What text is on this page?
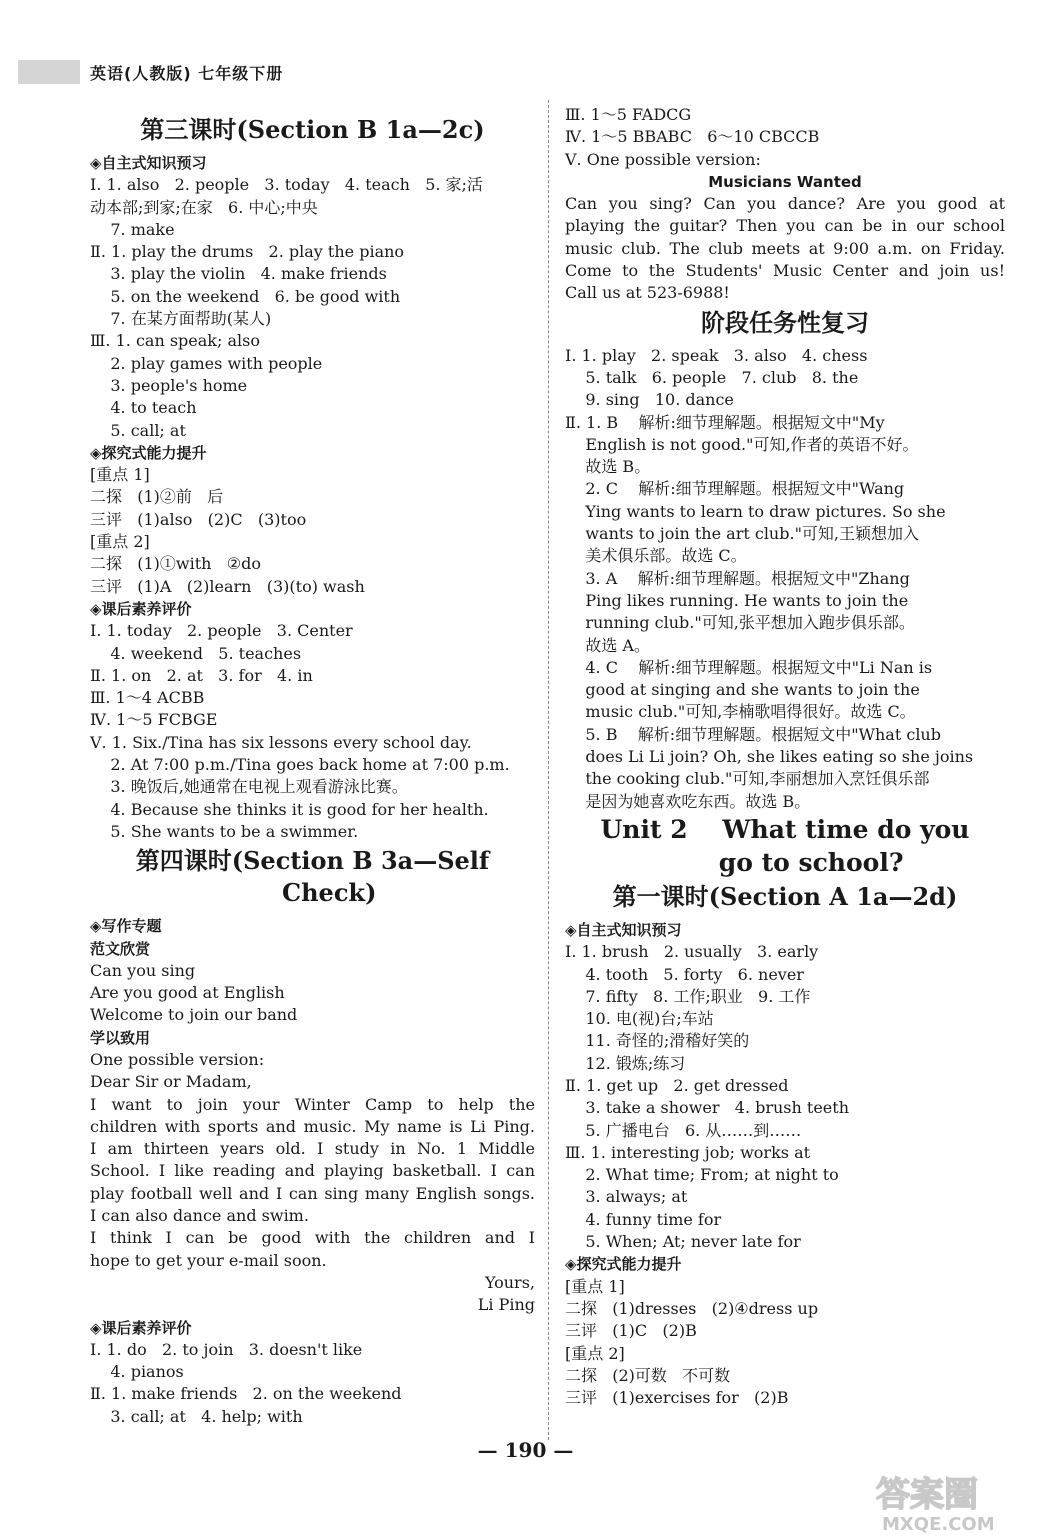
英语(人教版) 七年级下册
第三课时(Section B 1a—2c)
◈自主式知识预习
Ⅰ. 1. also   2. people   3. today   4. teach   5. 家;活
动本部;到家;在家   6. 中心;中央
7. make
Ⅱ. 1. play the drums   2. play the piano
3. play the violin   4. make friends
5. on the weekend   6. be good with
7. 在某方面帮助(某人)
Ⅲ. 1. can speak; also
2. play games with people
3. people's home
4. to teach
5. call; at
◈探究式能力提升
[重点 1]
二探   (1)②前   后
三评   (1)also   (2)C   (3)too
[重点 2]
二探   (1)①with   ②do
三评   (1)A   (2)learn   (3)(to) wash
◈课后素养评价
Ⅰ. 1. today   2. people   3. Center
4. weekend   5. teaches
Ⅱ. 1. on   2. at   3. for   4. in
Ⅲ. 1～4 ACBB
Ⅳ. 1～5 FCBGE
Ⅴ. 1. Six./Tina has six lessons every school day.
2. At 7:00 p.m./Tina goes back home at 7:00 p.m.
3. 晚饭后,她通常在电视上观看游泳比赛。
4. Because she thinks it is good for her health.
5. She wants to be a swimmer.
第四课时(Section B 3a—Self
Check)
◈写作专题
范文欣赏
Can you sing
Are you good at English
Welcome to join our band
学以致用
One possible version:
Dear Sir or Madam,
I want to join your Winter Camp to help the
children with sports and music. My name is Li Ping.
I am thirteen years old. I study in No. 1 Middle
School. I like reading and playing basketball. I can
play football well and I can sing many English songs.
I can also dance and swim.
I think I can be good with the children and I
hope to get your e-mail soon.
Yours,
Li Ping
◈课后素养评价
Ⅰ. 1. do   2. to join   3. doesn't like
4. pianos
Ⅱ. 1. make friends   2. on the weekend
3. call; at   4. help; with
Ⅲ. 1～5 FADCG
Ⅳ. 1～5 BBABC   6～10 CBCCB
Ⅴ. One possible version:
Musicians Wanted
Can you sing? Can you dance? Are you good at
playing the guitar? Then you can be in our school
music club. The club meets at 9:00 a.m. on Friday.
Come to the Students' Music Center and join us!
Call us at 523-6988!
阶段任务性复习
Ⅰ. 1. play   2. speak   3. also   4. chess
5. talk   6. people   7. club   8. the
9. sing   10. dance
Ⅱ. 1. B    解析:细节理解题。根据短文中"My
English is not good."可知,作者的英语不好。
故选 B。
2. C    解析:细节理解题。根据短文中"Wang
Ying wants to learn to draw pictures. So she
wants to join the art club."可知,王颖想加入
美术俱乐部。故选 C。
3. A    解析:细节理解题。根据短文中"Zhang
Ping likes running. He wants to join the
running club."可知,张平想加入跑步俱乐部。
故选 A。
4. C    解析:细节理解题。根据短文中"Li Nan is
good at singing and she wants to join the
music club."可知,李楠歌唱得很好。故选 C。
5. B    解析:细节理解题。根据短文中"What club
does Li Li join? Oh, she likes eating so she joins
the cooking club."可知,李丽想加入烹饪俱乐部
是因为她喜欢吃东西。故选 B。
Unit 2    What time do you
go to school?
第一课时(Section A 1a—2d)
◈自主式知识预习
Ⅰ. 1. brush   2. usually   3. early
4. tooth   5. forty   6. never
7. fifty   8. 工作;职业   9. 工作
10. 电(视)台;车站
11. 奇怪的;滑稽好笑的
12. 锻炼;练习
Ⅱ. 1. get up   2. get dressed
3. take a shower   4. brush teeth
5. 广播电台   6. 从……到……
Ⅲ. 1. interesting job; works at
2. What time; From; at night to
3. always; at
4. funny time for
5. When; At; never late for
◈探究式能力提升
[重点 1]
二探   (1)dresses   (2)④dress up
三评   (1)C   (2)B
[重点 2]
二探   (2)可数   不可数
三评   (1)exercises for   (2)B
— 190 —
答案圈
MXQE.COM
